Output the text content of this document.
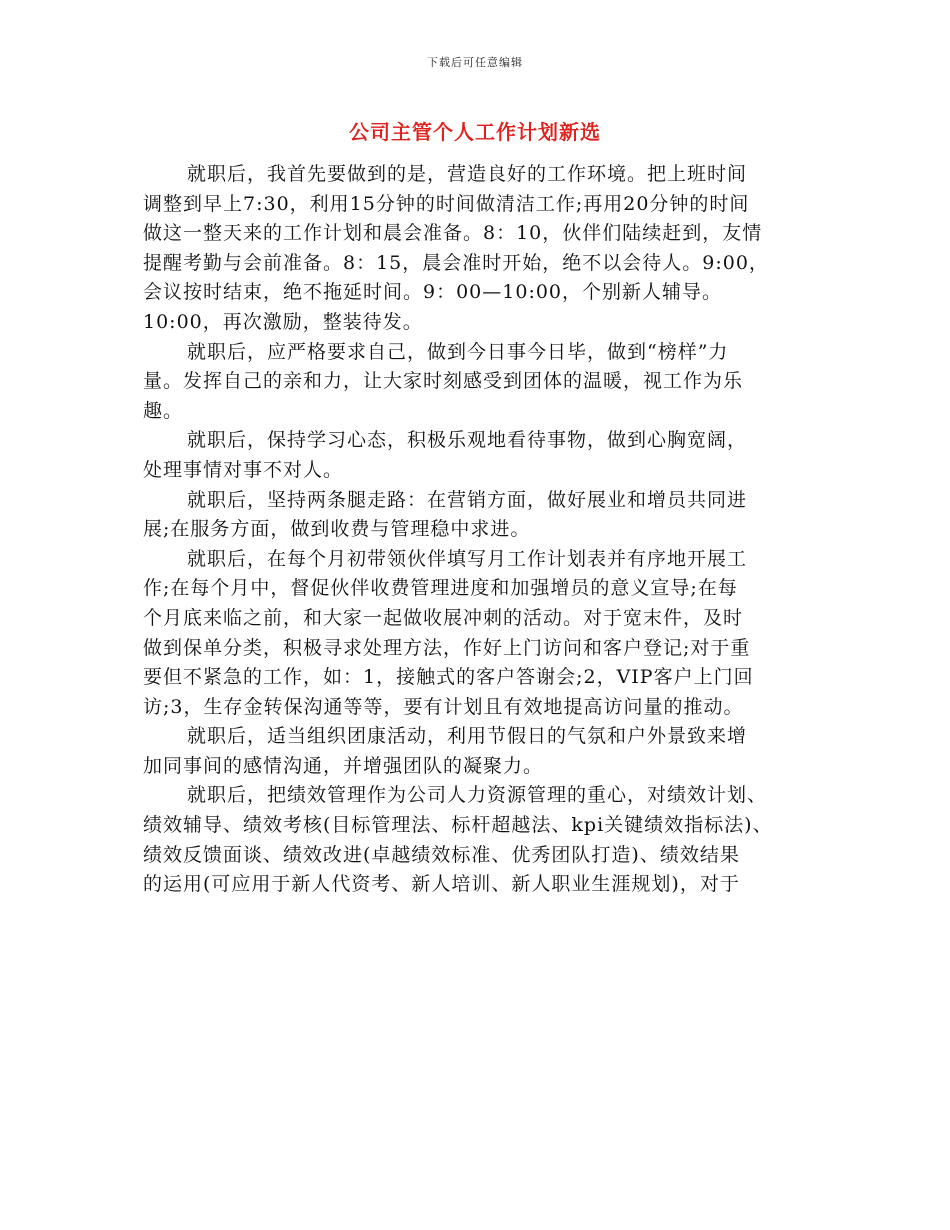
下载后可任意编辑
公司主管个人工作计划新选
就职后，我首先要做到的是，营造良好的工作环境。把上班时间
调整到早上7:30，利用15分钟的时间做清洁工作;再用20分钟的时间
做这一整天来的工作计划和晨会准备。8：10，伙伴们陆续赶到，友情
提醒考勤与会前准备。8：15，晨会准时开始，绝不以会待人。9:00，
会议按时结束，绝不拖延时间。9：00—10:00，个别新人辅导。
10:00，再次激励，整装待发。
就职后，应严格要求自己，做到今日事今日毕，做到“榜样”力
量。发挥自己的亲和力，让大家时刻感受到团体的温暖，视工作为乐
趣。
就职后，保持学习心态，积极乐观地看待事物，做到心胸宽阔，
处理事情对事不对人。
就职后，坚持两条腿走路：在营销方面，做好展业和增员共同进
展;在服务方面，做到收费与管理稳中求进。
就职后，在每个月初带领伙伴填写月工作计划表并有序地开展工
作;在每个月中，督促伙伴收费管理进度和加强增员的意义宣导;在每
个月底来临之前，和大家一起做收展冲刺的活动。对于宽末件，及时
做到保单分类，积极寻求处理方法，作好上门访问和客户登记;对于重
要但不紧急的工作，如：1，接触式的客户答谢会;2，VIP客户上门回
访;3，生存金转保沟通等等，要有计划且有效地提高访问量的推动。
就职后，适当组织团康活动，利用节假日的气氛和户外景致来增
加同事间的感情沟通，并增强团队的凝聚力。
就职后，把绩效管理作为公司人力资源管理的重心，对绩效计划、
绩效辅导、绩效考核(目标管理法、标杆超越法、kpi关键绩效指标法)、
绩效反馈面谈、绩效改进(卓越绩效标准、优秀团队打造)、绩效结果
的运用(可应用于新人代资考、新人培训、新人职业生涯规划)，对于
